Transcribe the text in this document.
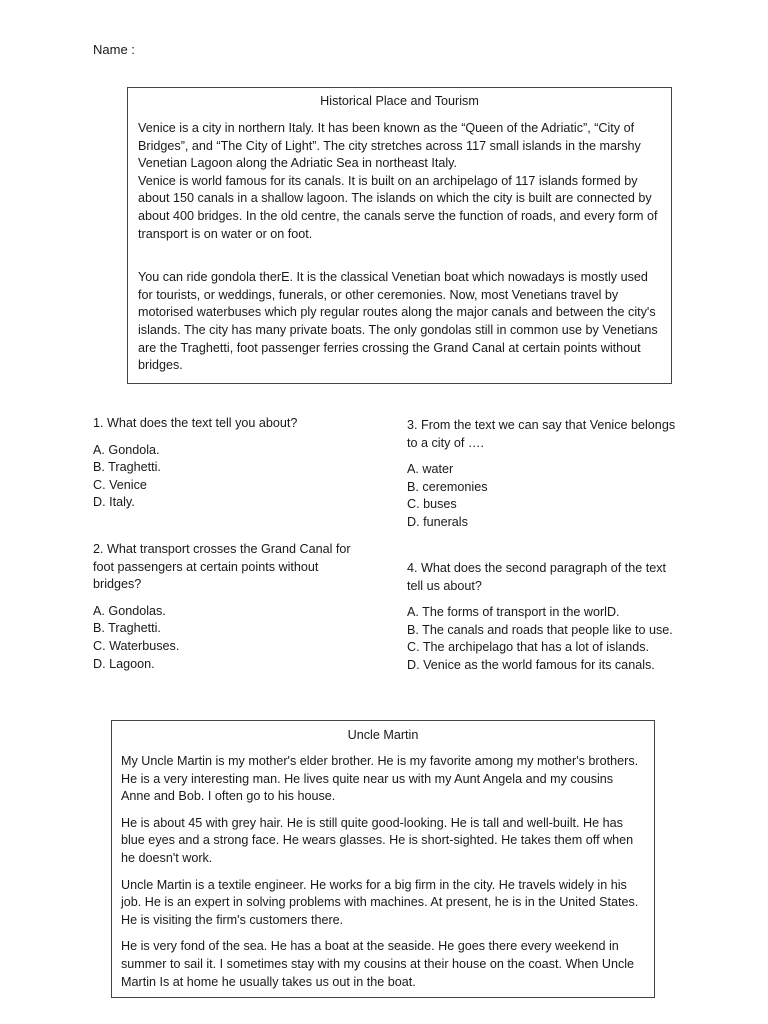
Name :
Historical Place and Tourism
Venice is a city in northern Italy. It has been known as the “Queen of the Adriatic”, “City of Bridges”, and “The City of Light”. The city stretches across 117 small islands in the marshy Venetian Lagoon along the Adriatic Sea in northeast Italy.
Venice is world famous for its canals. It is built on an archipelago of 117 islands formed by about 150 canals in a shallow lagoon. The islands on which the city is built are connected by about 400 bridges. In the old centre, the canals serve the function of roads, and every form of transport is on water or on foot.
You can ride gondola therE. It is the classical Venetian boat which nowadays is mostly used for tourists, or weddings, funerals, or other ceremonies. Now, most Venetians travel by motorised waterbuses which ply regular routes along the major canals and between the city's islands. The city has many private boats. The only gondolas still in common use by Venetians are the Traghetti, foot passenger ferries crossing the Grand Canal at certain points without bridges.
1. What does the text tell you about?
A. Gondola.
B. Traghetti.
C. Venice
D. Italy.
2. What transport crosses the Grand Canal for foot passengers at certain points without bridges?
A. Gondolas.
B. Traghetti.
C. Waterbuses.
D. Lagoon.
3. From the text we can say that Venice belongs to a city of ….
A. water
B. ceremonies
C. buses
D. funerals
4. What does the second paragraph of the text tell us about?
A. The forms of transport in the worlD.
B. The canals and roads that people like to use.
C. The archipelago that has a lot of islands.
D. Venice as the world famous for its canals.
Uncle Martin
My Uncle Martin is my mother's elder brother. He is my favorite among my mother's brothers. He is a very interesting man. He lives quite near us with my Aunt Angela and my cousins Anne and Bob. I often go to his house.
He is about 45 with grey hair. He is still quite good-looking. He is tall and well-built. He has blue eyes and a strong face. He wears glasses. He is short-sighted. He takes them off when he doesn't work.
Uncle Martin is a textile engineer. He works for a big firm in the city. He travels widely in his job. He is an expert in solving problems with machines. At present, he is in the United States. He is visiting the firm's customers there.
He is very fond of the sea. He has a boat at the seaside. He goes there every weekend in summer to sail it. I sometimes stay with my cousins at their house on the coast. When Uncle Martin Is at home he usually takes us out in the boat.
